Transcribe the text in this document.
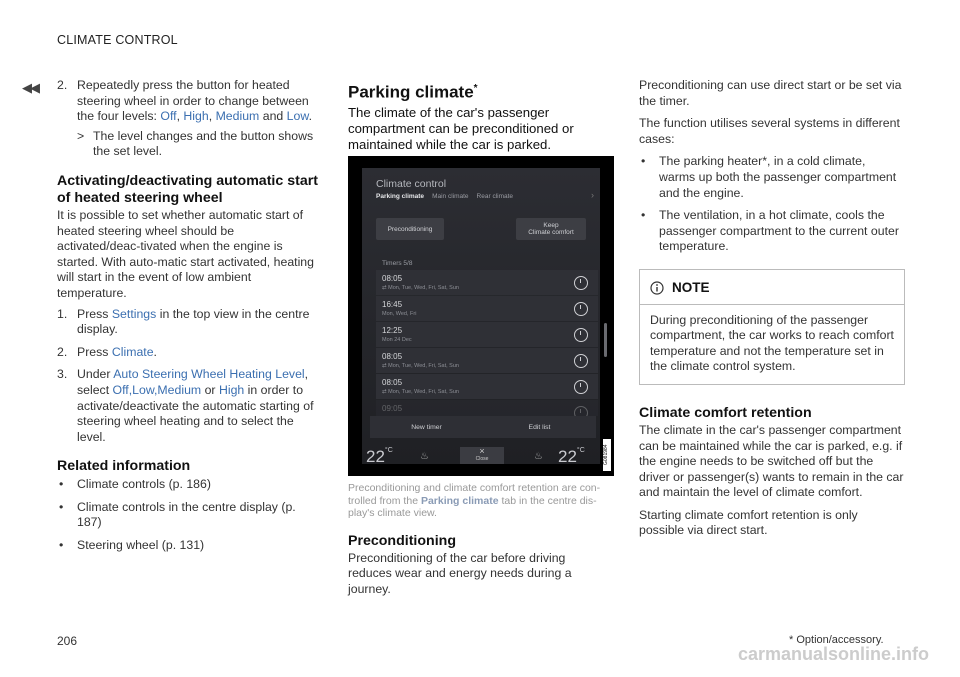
CLIMATE CONTROL
◀◀ 2. Repeatedly press the button for heated steering wheel in order to change between the four levels: Off, High, Medium and Low.
> The level changes and the button shows the set level.
Activating/deactivating automatic start of heated steering wheel

It is possible to set whether automatic start of heated steering wheel should be activated/deac-tivated when the engine is started. With auto-matic start activated, heating will start in the event of low ambient temperature.

1. Press Settings in the top view in the centre display.
2. Press Climate.
3. Under Auto Steering Wheel Heating Level, select Off,Low,Medium or High in order to activate/deactivate the automatic starting of steering wheel heating and to select the level.
Related information
• Climate controls (p. 186)
• Climate controls in the centre display (p. 187)
• Steering wheel (p. 131)
Parking climate*

The climate of the car's passenger compartment can be preconditioned or maintained while the car is parked.

Climate control
Parking climate Main climate Rear climate	›
Preconditioning	Keep
Climate comfort
Timers 5/8
08:05
⇄ Mon, Tue, Wed, Fri, Sat, Sun
16:45
Mon, Wed, Fri
12:25
Mon 24 Dec
08:05
⇄ Mon, Tue, Wed, Fri, Sat, Sun
08:05
⇄ Mon, Tue, Wed, Fri, Sat, Sun
09:05
New timer	Edit list
$22^{^\circ C}$
♨	×
Close	♨ $22^{^\circ C}$	G081984

Preconditioning and climate comfort retention are con-trolled from the Parking climate tab in the centre dis-play's climate view.

Preconditioning

Preconditioning of the car before driving reduces wear and energy needs during a journey.

Preconditioning can use direct start or be set via the timer.

The function utilises several systems in different cases:

• The parking heater*, in a cold climate, warms up both the passenger compartment and the engine.
• The ventilation, in a hot climate, cools the passenger compartment to the current outer temperature.
NOTE

During preconditioning of the passenger compartment, the car works to reach comfort temperature and not the temperature set in the climate control system.

Climate comfort retention

The climate in the car's passenger compartment can be maintained while the car is parked, e.g. if the engine needs to be switched off but the driver or passenger(s) wants to remain in the car and maintain the level of climate comfort.

Starting climate comfort retention is only possible via direct start.

206	* Option/accessory.
carmanualsonline.info
